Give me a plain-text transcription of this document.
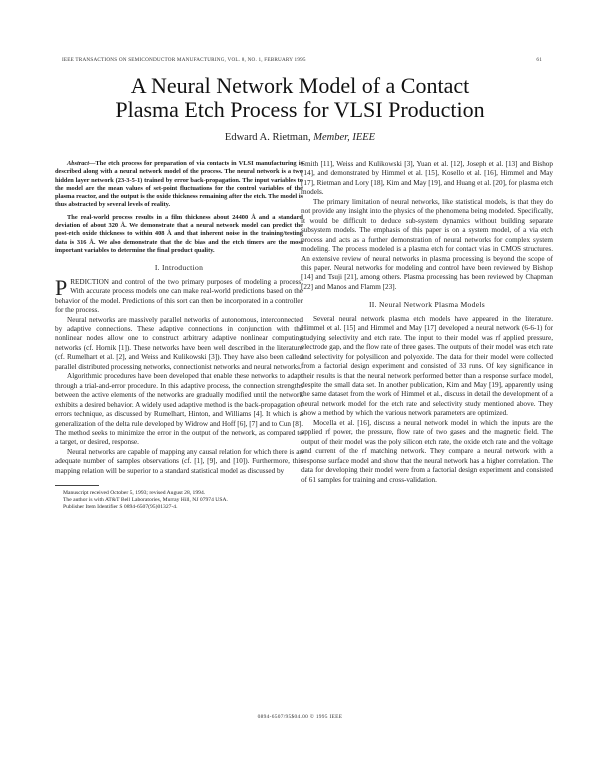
IEEE TRANSACTIONS ON SEMICONDUCTOR MANUFACTURING, VOL. 8, NO. 1, FEBRUARY 1995	61
A Neural Network Model of a Contact
Plasma Etch Process for VLSI Production
Edward A. Rietman, Member, IEEE

Abstract—The etch process for preparation of via contacts in VLSI manufacturing is described along with a neural network model of the process. The neural network is a two hidden layer network (23-3-5-1) trained by error back-propagation. The input variables to the model are the mean values of set-point fluctuations for the control variables of the plasma reactor, and the output is the oxide thickness remaining after the etch. The model is thus abstracted by several levels of reality.

The real-world process results in a film thickness about 24400 Å and a standard deviation of about 320 Å. We demonstrate that a neural network model can predict the post-etch oxide thickness to within 408 Å and that inherent noise in the training/testing data is 316 Å. We also demonstrate that the dc bias and the etch timers are the most important variables to determine the final product quality.

I. Introduction

PREDICTION and control of the two primary purposes of modeling a process. With accurate process models one can make real-world predictions based on the behavior of the model. Predictions of this sort can then be incorporated in a controller for the process.

Neural networks are massively parallel networks of autonomous, interconnected by adaptive connections. These adaptive connections in conjunction with the nonlinear nodes allow one to construct arbitrary adaptive nonlinear computing networks (cf. Hornik [1]). These networks have been well described in the literature (cf. Rumelhart et al. [2], and Weiss and Kulikowski [3]). They have also been called parallel distributed processing networks, connectionist networks and neural networks.

Algorithmic procedures have been developed that enable these networks to adapt through a trial-and-error procedure. In this adaptive process, the connection strengths between the active elements of the networks are gradually modified until the network exhibits a desired behavior. A widely used adaptive method is the back-propagation of errors technique, as discussed by Rumelhart, Hinton, and Williams [4]. It which is a generalization of the delta rule developed by Widrow and Hoff [6], [7] and to Cun [8]. The method seeks to minimize the error in the output of the network, as compared to a target, or desired, response.

Neural networks are capable of mapping any causal relation for which there is an adequate number of samples observations (cf. [1], [9], and [10]). Furthermore, this mapping relation will be superior to a standard statistical model as discussed by

Manuscript received October 5, 1993; revised August 28, 1994.

The author is with AT&T Bell Laboratories, Murray Hill, NJ 07974 USA.

Publisher Item Identifier S 0894-6507(95)01327-4.

Smith [11], Weiss and Kulikowski [3], Yuan et al. [12], Joseph et al. [13] and Bishop [14], and demonstrated by Himmel et al. [15], Kosello et al. [16], Himmel and May [17], Rietman and Lory [18], Kim and May [19], and Huang et al. [20], for plasma etch models.

The primary limitation of neural networks, like statistical models, is that they do not provide any insight into the physics of the phenomena being modeled. Specifically, it would be difficult to deduce sub-system dynamics without building separate subsystem models. The emphasis of this paper is on a system model, of a via etch process and acts as a further demonstration of neural networks for complex system modeling. The process modeled is a plasma etch for contact vias in CMOS structures. An extensive review of neural networks in plasma processing is beyond the scope of this paper. Neural networks for modeling and control have been reviewed by Bishop [14] and Tsuji [21], among others. Plasma processing has been reviewed by Chapman [22] and Manos and Flamm [23].

II. Neural Network Plasma Models

Several neural network plasma etch models have appeared in the literature. Himmel et al. [15] and Himmel and May [17] developed a neural network (6-6-1) for studying selectivity and etch rate. The input to their model was rf applied pressure, electrode gap, and the flow rate of three gases. The outputs of their model was etch rate and selectivity for polysilicon and polyoxide. The data for their model were collected from a factorial design experiment and consisted of 33 runs. Of key significance in their results is that the neural network performed better than a response surface model, despite the small data set. In another publication, Kim and May [19], apparently using the same dataset from the work of Himmel et al., discuss in detail the development of a neural network model for the etch rate and selectivity study mentioned above. They show a method by which the various network parameters are optimized.

Mocella et al. [16], discuss a neural network model in which the inputs are the applied rf power, the pressure, flow rate of two gases and the magnetic field. The output of their model was the poly silicon etch rate, the oxide etch rate and the voltage and current of the rf matching network. They compare a neural network with a response surface model and show that the neural network has a higher correlation. The data for developing their model were from a factorial design experiment and consisted of 61 samples for training and cross-validation.

0894-6507/95$04.00 © 1995 IEEE
